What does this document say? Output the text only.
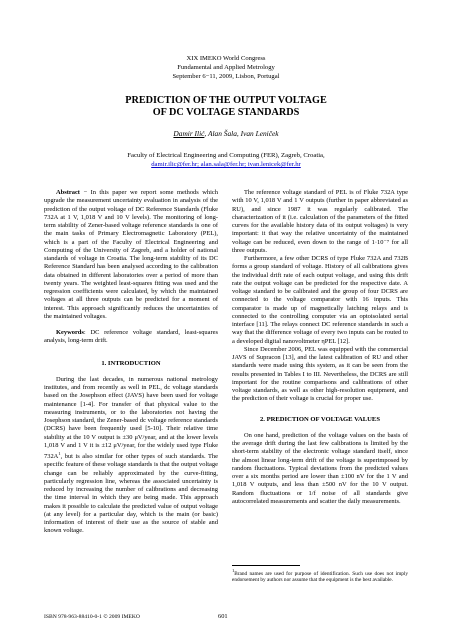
XIX IMEKO World Congress
Fundamental and Applied Metrology
September 6−11, 2009, Lisbon, Portugal
PREDICTION OF THE OUTPUT VOLTAGE
OF DC VOLTAGE STANDARDS
Damir Ilić, Alan Šala, Ivan Leniček
Faculty of Electrical Engineering and Computing (FER), Zagreb, Croatia,
damir.ilic@fer.hr; alan.sala@fer.hr; ivan.lenicek@fer.hr

Abstract − In this paper we report some methods which upgrade the measurement uncertainty evaluation in analysis of the prediction of the output voltage of DC Reference Standards (Fluke 732A at 1 V, 1,018 V and 10 V levels). The monitoring of long-term stability of Zener-based voltage reference standards is one of the main tasks of Primary Electromagnetic Laboratory (PEL), which is a part of the Faculty of Electrical Engineering and Computing of the University of Zagreb, and a holder of national standards of voltage in Croatia. The long-term stability of its DC Reference Standard has been analysed according to the calibration data obtained in different laboratories over a period of more than twenty years. The weighted least-squares fitting was used and the regression coefficients were calculated, by which the maintained voltages at all three outputs can be predicted for a moment of interest. This approach significantly reduces the uncertainties of the maintained voltages.

Keywords: DC reference voltage standard, least-squares analysis, long-term drift.

1. INTRODUCTION

During the last decades, in numerous national metrology institutes, and from recently as well in PEL, dc voltage standards based on the Josephson effect (JAVS) have been used for voltage maintenance [1-4]. For transfer of that physical value to the measuring instruments, or to the laboratories not having the Josephson standard, the Zener-based dc voltage reference standards (DCRS) have been frequently used [5-10]. Their relative time stability at the 10 V output is ±30 μV/year, and at the lower levels 1,018 V and 1 V it is ±12 μV/year, for the widely used type Fluke $732A^1$, but is also similar for other types of such standards. The specific feature of these voltage standards is that the output voltage change can be reliably approximated by the curve-fitting, particularly regression line, whereas the associated uncertainty is reduced by increasing the number of calibrations and decreasing the time interval in which they are being made. This approach makes it possible to calculate the predicted value of output voltage (at any level) for a particular day, which is the main (or basic) information of interest of their use as the source of stable and known voltage.

The reference voltage standard of PEL is of Fluke 732A type with 10 V, 1,018 V and 1 V outputs (further in paper abbreviated as RU), and since 1987 it was regularly calibrated. The characterization of it (i.e. calculation of the parameters of the fitted curves for the available history data of its output voltages) is very important: it that way the relative uncertainty of the maintained voltage can be reduced, even down to the range of 1·10⁻⁷ for all three outputs.

Furthermore, a few other DCRS of type Fluke 732A and 732B forms a group standard of voltage. History of all calibrations gives the individual drift rate of each output voltage, and using this drift rate the output voltage can be predicted for the respective date. A voltage standard to be calibrated and the group of four DCRS are connected to the voltage comparator with 16 inputs. This comparator is made up of magnetically latching relays and is connected to the controlling computer via an optoisolated serial interface [11]. The relays connect DC reference standards in such a way that the difference voltage of every two inputs can be routed to a developed digital nanovoltmeter ηPEL [12].

Since December 2006, PEL was equipped with the commercial JAVS of Supracon [13], and the latest calibration of RU and other standards were made using this system, as it can be seen from the results presented in Tables I to III. Nevertheless, the DCRS are still important for the routine comparisons and calibrations of other voltage standards, as well as other high-resolution equipment, and the prediction of their voltage is crucial for proper use.

2. PREDICTION OF VOLTAGE VALUES

On one hand, prediction of the voltage values on the basis of the average drift during the last few calibrations is limited by the short-term stability of the electronic voltage standard itself, since the almost linear long-term drift of the voltage is superimposed by random fluctuations. Typical deviations from the predicted values over a six months period are lower than ±100 nV for the 1 V and 1,018 V outputs, and less than ±500 nV for the 10 V output. Random fluctuations or 1/f noise of all standards give autocorrelated measurements and scatter the daily measurements.

$^1$Brand names are used for purpose of identification. Such use does not imply endorsement by authors nor assume that the equipment is the best available.
ISBN 978-963-88410-0-1 © 2009 IMEKO	601
